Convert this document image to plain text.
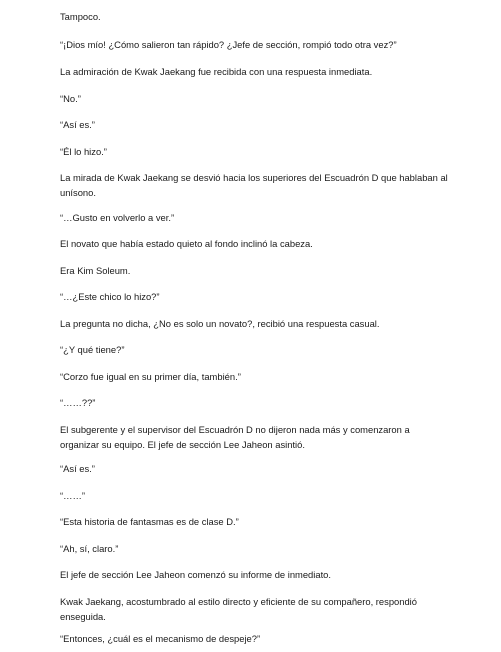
Tampoco.

“¡Dios mío! ¿Cómo salieron tan rápido? ¿Jefe de sección, rompió todo otra vez?”

La admiración de Kwak Jaekang fue recibida con una respuesta inmediata.

“No.”

“Así es.”

“Él lo hizo.”

La mirada de Kwak Jaekang se desvió hacia los superiores del Escuadrón D que hablaban al unísono.

“…Gusto en volverlo a ver.”

El novato que había estado quieto al fondo inclinó la cabeza.

Era Kim Soleum.

“…¿Este chico lo hizo?”

La pregunta no dicha, ¿No es solo un novato?, recibió una respuesta casual.

“¿Y qué tiene?”

“Corzo fue igual en su primer día, también.”

“……??”

El subgerente y el supervisor del Escuadrón D no dijeron nada más y comenzaron a organizar su equipo. El jefe de sección Lee Jaheon asintió.

“Así es.”

“……”

“Esta historia de fantasmas es de clase D.”

“Ah, sí, claro.”

El jefe de sección Lee Jaheon comenzó su informe de inmediato.

Kwak Jaekang, acostumbrado al estilo directo y eficiente de su compañero, respondió enseguida.

“Entonces, ¿cuál es el mecanismo de despeje?”
